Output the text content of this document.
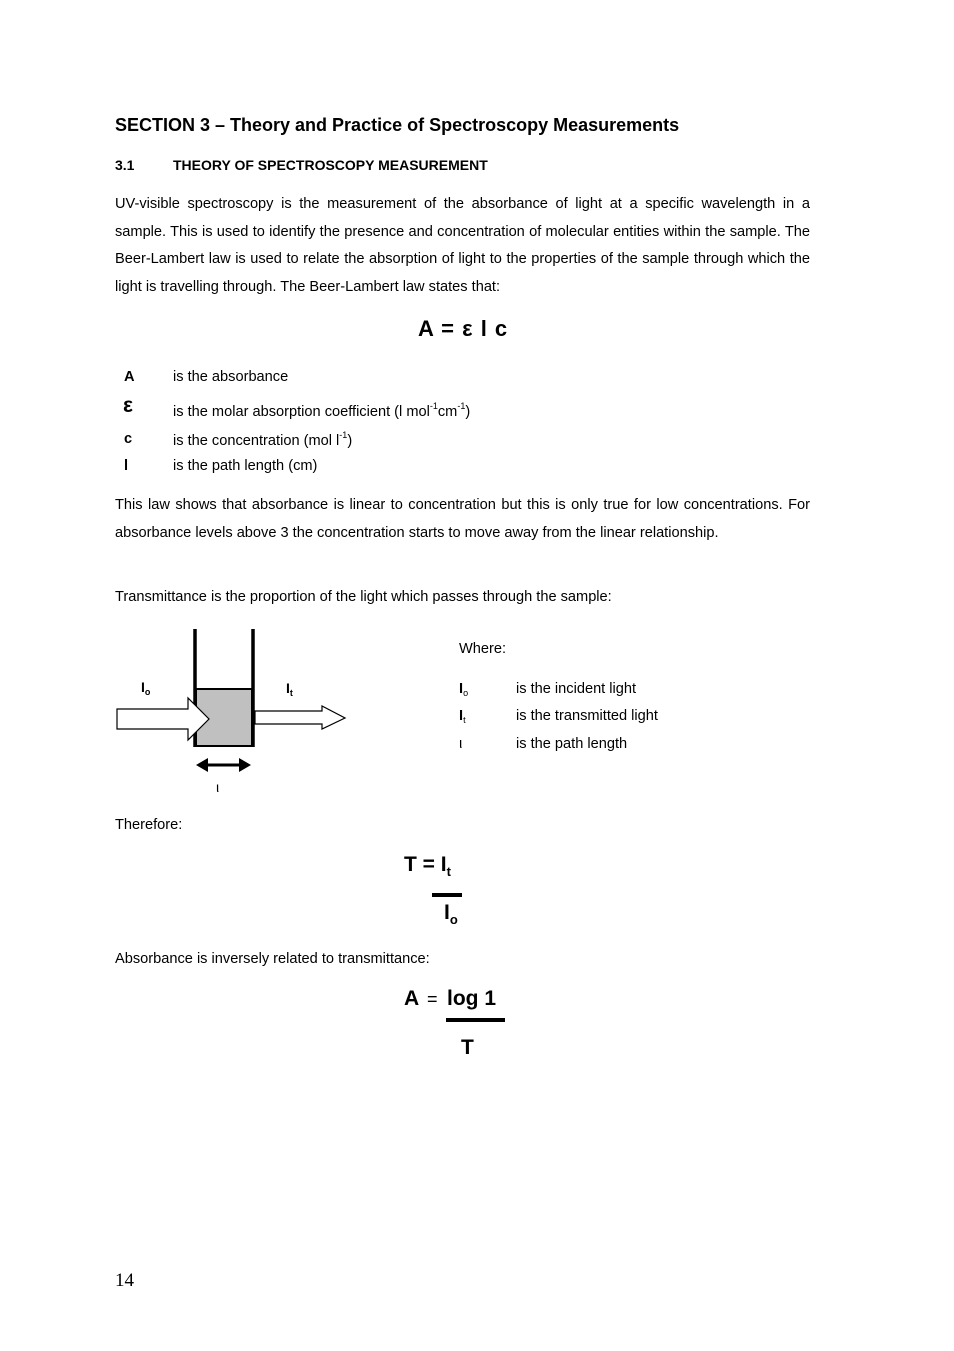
SECTION 3 – Theory and Practice of Spectroscopy Measurements
3.1	THEORY OF SPECTROSCOPY MEASUREMENT

UV-visible spectroscopy is the measurement of the absorbance of light at a specific wavelength in a sample. This is used to identify the presence and concentration of molecular entities within the sample. The Beer-Lambert law is used to relate the absorption of light to the properties of the sample through which the light is travelling through. The Beer-Lambert law states that:

A = ε l c
A	is the absorbance
ε	is the molar absorption coefficient (l $mol^{-1}cm^{-1}$)
c	is the concentration (mol $l^{-1}$)
l	is the path length (cm)

This law shows that absorbance is linear to concentration but this is only true for low concentrations. For absorbance levels above 3 the concentration starts to move away from the linear relationship.

Transmittance is the proportion of the light which passes through the sample:

$I_o$	$I_t$
ι
Where:
$I_o$	is the incident light
$I_t$	is the transmitted light
ι	is the path length

Therefore:

$T = I_t$
$I_o$

Absorbance is inversely related to transmittance:

A = log 1
T
14
